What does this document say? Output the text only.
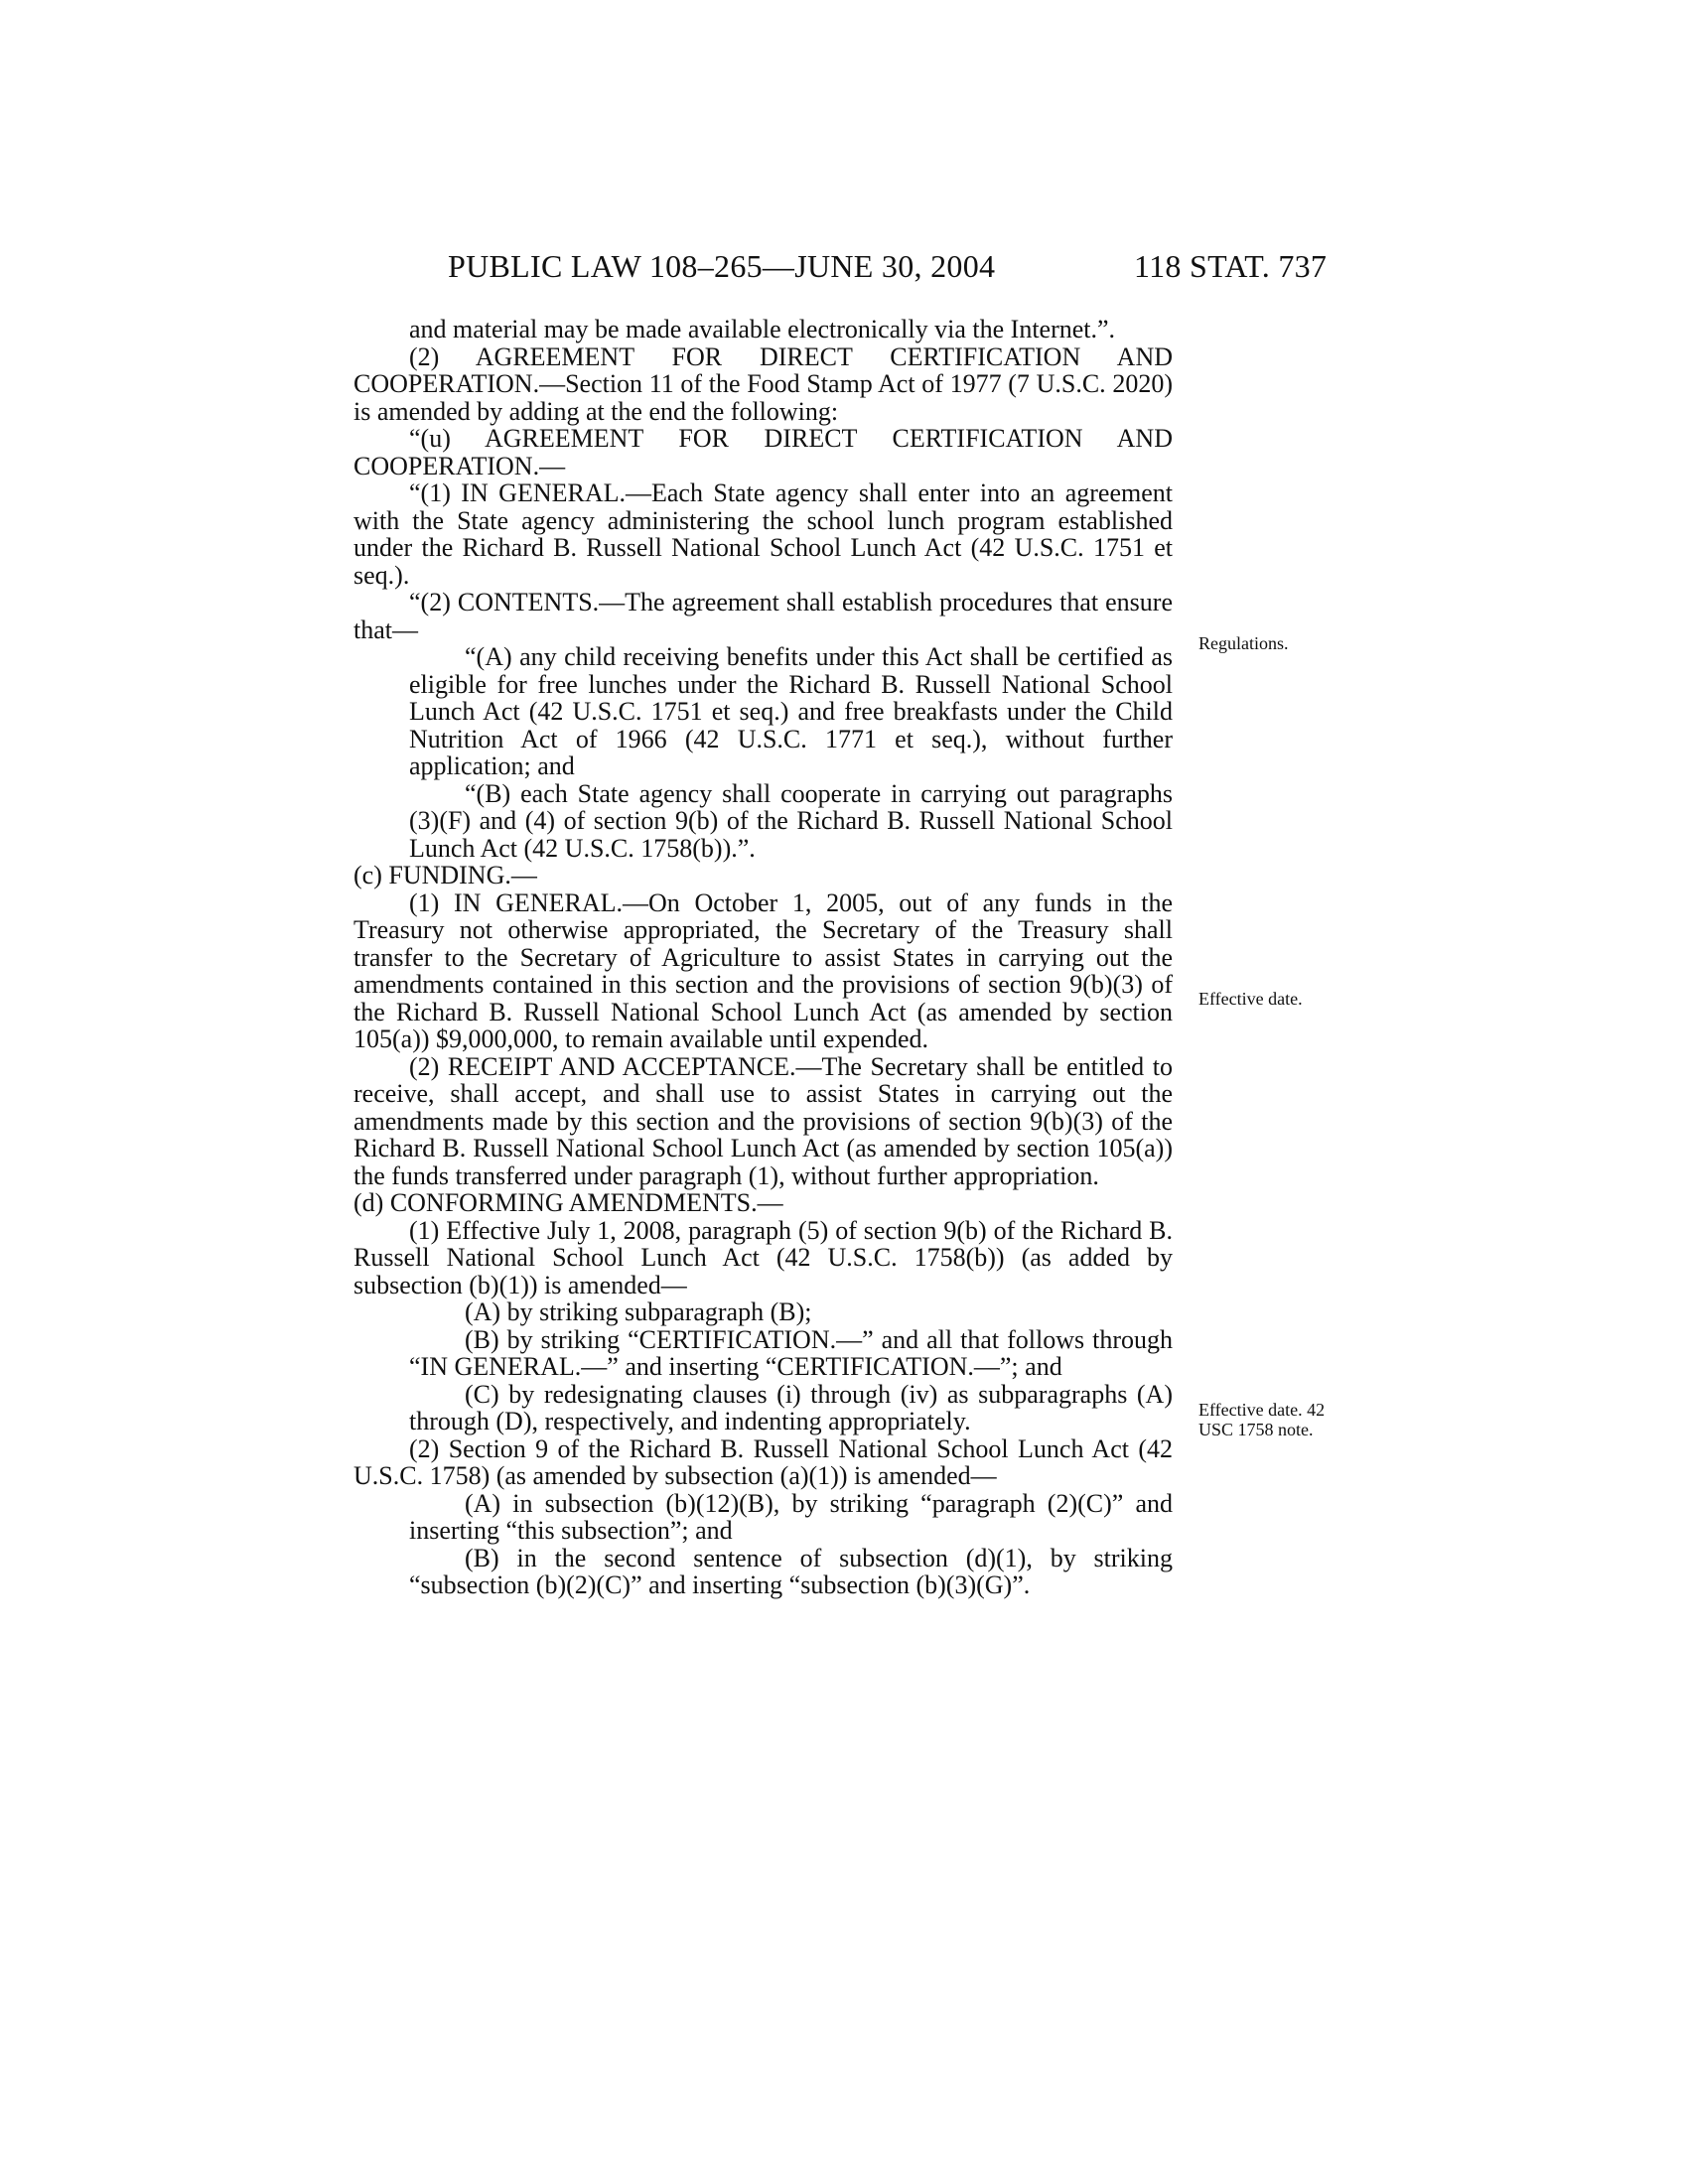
PUBLIC LAW 108–265—JUNE 30, 2004	118 STAT. 737

and material may be made available electronically via the Internet.”.

(2) AGREEMENT FOR DIRECT CERTIFICATION AND COOPERATION.—Section 11 of the Food Stamp Act of 1977 (7 U.S.C. 2020) is amended by adding at the end the following:

“(u) AGREEMENT FOR DIRECT CERTIFICATION AND COOPERATION.—

“(1) IN GENERAL.—Each State agency shall enter into an agreement with the State agency administering the school lunch program established under the Richard B. Russell National School Lunch Act (42 U.S.C. 1751 et seq.).

“(2) CONTENTS.—The agreement shall establish procedures that ensure that—

“(A) any child receiving benefits under this Act shall be certified as eligible for free lunches under the Richard B. Russell National School Lunch Act (42 U.S.C. 1751 et seq.) and free breakfasts under the Child Nutrition Act of 1966 (42 U.S.C. 1771 et seq.), without further application; and

“(B) each State agency shall cooperate in carrying out paragraphs (3)(F) and (4) of section 9(b) of the Richard B. Russell National School Lunch Act (42 U.S.C. 1758(b)).”.

(c) FUNDING.—

(1) IN GENERAL.—On October 1, 2005, out of any funds in the Treasury not otherwise appropriated, the Secretary of the Treasury shall transfer to the Secretary of Agriculture to assist States in carrying out the amendments contained in this section and the provisions of section 9(b)(3) of the Richard B. Russell National School Lunch Act (as amended by section 105(a)) $9,000,000, to remain available until expended.

(2) RECEIPT AND ACCEPTANCE.—The Secretary shall be entitled to receive, shall accept, and shall use to assist States in carrying out the amendments made by this section and the provisions of section 9(b)(3) of the Richard B. Russell National School Lunch Act (as amended by section 105(a)) the funds transferred under paragraph (1), without further appropriation.

(d) CONFORMING AMENDMENTS.—

(1) Effective July 1, 2008, paragraph (5) of section 9(b) of the Richard B. Russell National School Lunch Act (42 U.S.C. 1758(b)) (as added by subsection (b)(1)) is amended—

(A) by striking subparagraph (B);

(B) by striking “CERTIFICATION.—” and all that follows through “IN GENERAL.—” and inserting “CERTIFICATION.—”; and

(C) by redesignating clauses (i) through (iv) as subparagraphs (A) through (D), respectively, and indenting appropriately.

(2) Section 9 of the Richard B. Russell National School Lunch Act (42 U.S.C. 1758) (as amended by subsection (a)(1)) is amended—

(A) in subsection (b)(12)(B), by striking “paragraph (2)(C)” and inserting “this subsection”; and

(B) in the second sentence of subsection (d)(1), by striking “subsection (b)(2)(C)” and inserting “subsection (b)(3)(G)”.

Regulations.
Effective date.
Effective date. 42 USC 1758 note.
